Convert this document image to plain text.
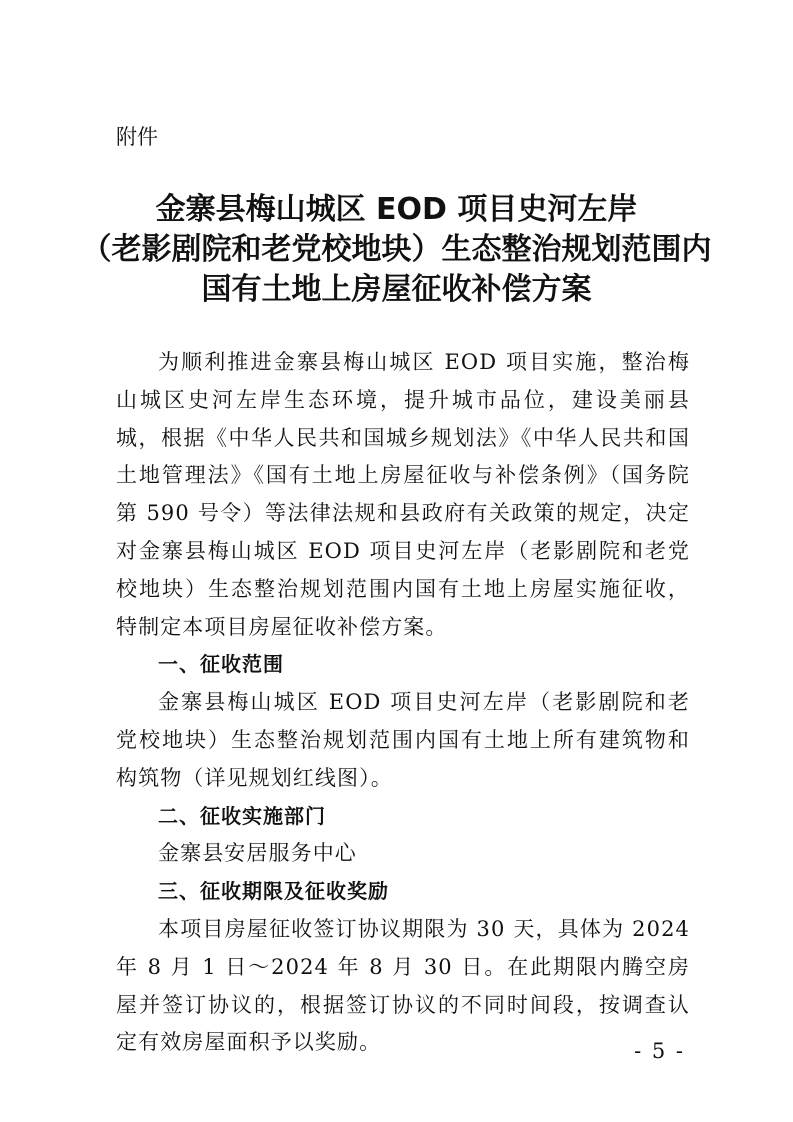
附件

金寨县梅山城区 EOD 项目史河左岸
（老影剧院和老党校地块）生态整治规划范围内
国有土地上房屋征收补偿方案

为顺利推进金寨县梅山城区 EOD 项目实施，整治梅山城区史河左岸生态环境，提升城市品位，建设美丽县城，根据《中华人民共和国城乡规划法》《中华人民共和国土地管理法》《国有土地上房屋征收与补偿条例》（国务院第 590 号令）等法律法规和县政府有关政策的规定，决定对金寨县梅山城区 EOD 项目史河左岸（老影剧院和老党校地块）生态整治规划范围内国有土地上房屋实施征收，特制定本项目房屋征收补偿方案。

一、征收范围

金寨县梅山城区 EOD 项目史河左岸（老影剧院和老党校地块）生态整治规划范围内国有土地上所有建筑物和构筑物（详见规划红线图）。

二、征收实施部门

金寨县安居服务中心

三、征收期限及征收奖励

本项目房屋征收签订协议期限为 30 天，具体为 2024 年 8 月 1 日～2024 年 8 月 30 日。在此期限内腾空房屋并签订协议的，根据签订协议的不同时间段，按调查认定有效房屋面积予以奖励。	- 5 -
